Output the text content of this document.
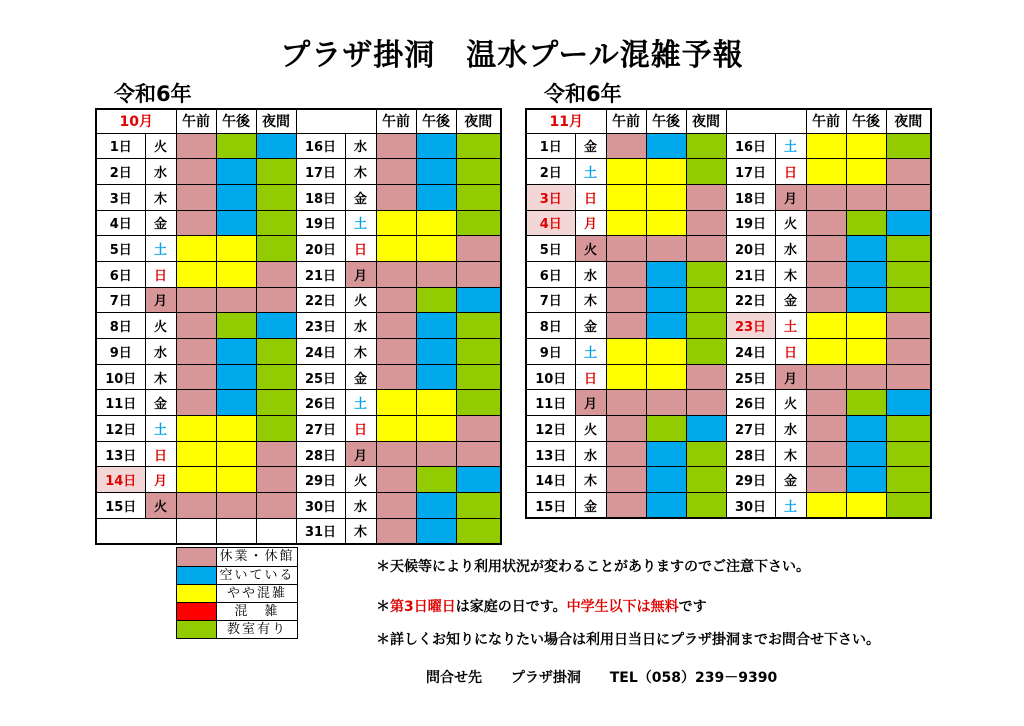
プラザ掛洞　温水プール混雑予報
令和6年	令和6年
10月		午前	午後	夜間			午前	午後	夜間
1日	火				16日	水			
2日	水				17日	木			
3日	木				18日	金			
4日	金				19日	土			
5日	土				20日	日			
6日	日				21日	月			
7日	月				22日	火			
8日	火				23日	水			
9日	水				24日	木			
10日	木				25日	金			
11日	金				26日	土			
12日	土				27日	日			
13日	日				28日	月			
14日	月				29日	火			
15日	火				30日	水			
					31日	木			
11月		午前	午後	夜間			午前	午後	夜間
1日	金				16日	土			
2日	土				17日	日			
3日	日				18日	月			
4日	月				19日	火			
5日	火				20日	水			
6日	水				21日	木			
7日	木				22日	金			
8日	金				23日	土			
9日	土				24日	日			
10日	日				25日	月			
11日	月				26日	火			
12日	火				27日	水			
13日	水				28日	木			
14日	木				29日	金			
15日	金				30日	土			
休業・休館
空いている
やや混雑
混　雑
教室有り
＊天候等により利用状況が変わることがありますのでご注意下さい。
＊第3日曜日は家庭の日です。中学生以下は無料です
＊詳しくお知りになりたい場合は利用日当日にプラザ掛洞までお問合せ下さい。
問合せ先 プラザ掛洞 TEL（058）239－9390
